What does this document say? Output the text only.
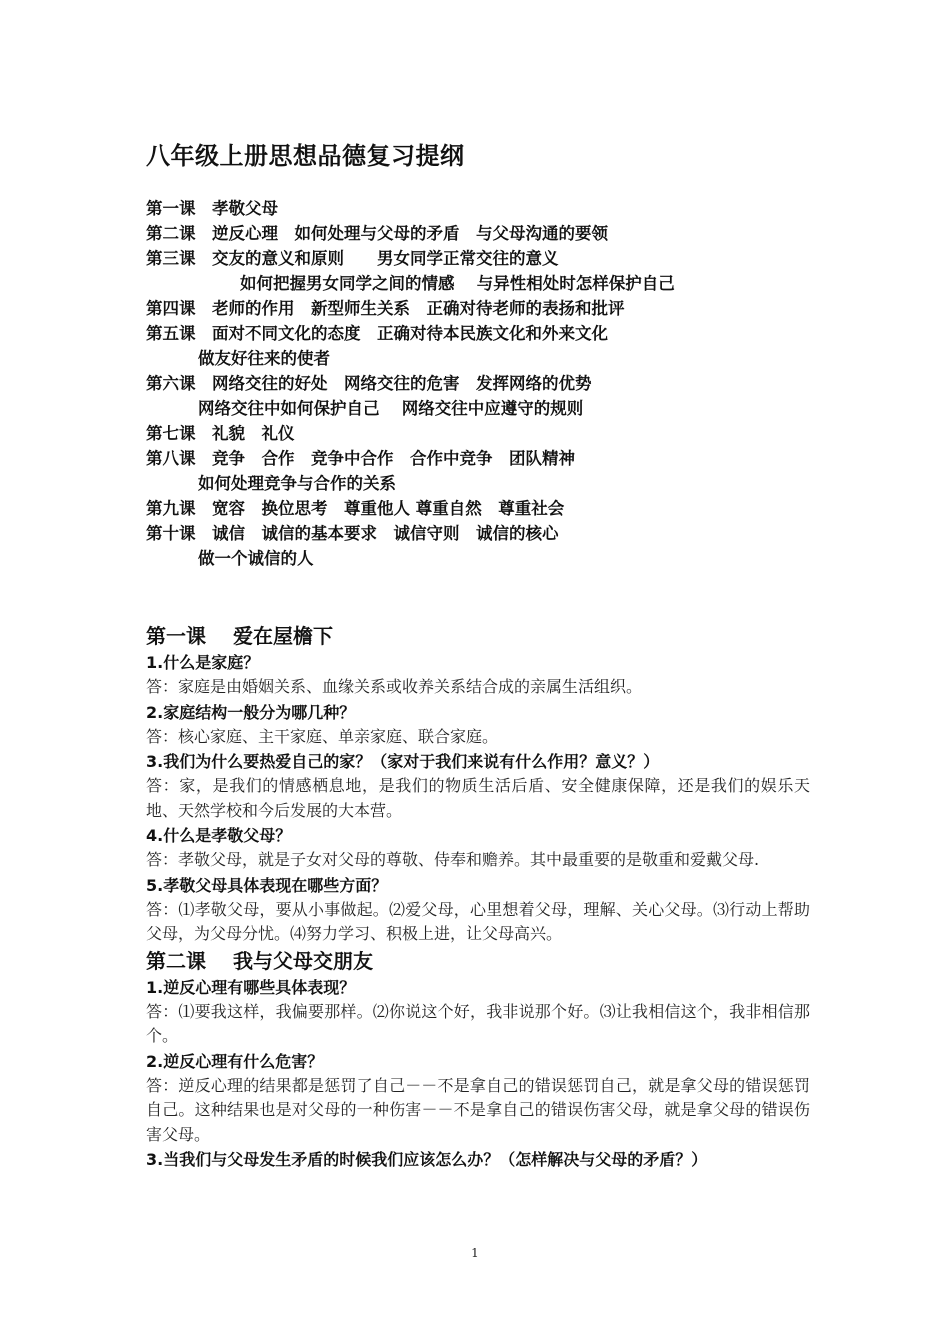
八年级上册思想品德复习提纲
第一课　孝敬父母
第二课　逆反心理　如何处理与父母的矛盾　与父母沟通的要领
第三课　交友的意义和原则　　男女同学正常交往的意义
如何把握男女同学之间的情感　 与异性相处时怎样保护自己
第四课　老师的作用　新型师生关系　正确对待老师的表扬和批评
第五课　面对不同文化的态度　正确对待本民族文化和外来文化
做友好往来的使者
第六课　网络交往的好处　网络交往的危害　发挥网络的优势
网络交往中如何保护自己　 网络交往中应遵守的规则
第七课　礼貌　礼仪
第八课　竞争　合作　竞争中合作　合作中竞争　团队精神
如何处理竞争与合作的关系
第九课　宽容　换位思考　尊重他人 尊重自然　尊重社会
第十课　诚信　诚信的基本要求　诚信守则　诚信的核心
做一个诚信的人
第一课　 爱在屋檐下
1.什么是家庭？
答：家庭是由婚姻关系、血缘关系或收养关系结合成的亲属生活组织。
2.家庭结构一般分为哪几种？
答：核心家庭、主干家庭、单亲家庭、联合家庭。
3.我们为什么要热爱自己的家？（家对于我们来说有什么作用？意义？）
答：家，是我们的情感栖息地，是我们的物质生活后盾、安全健康保障，还是我们的娱乐天地、天然学校和今后发展的大本营。
4.什么是孝敬父母？
答：孝敬父母，就是子女对父母的尊敬、侍奉和赡养。其中最重要的是敬重和爱戴父母.
5.孝敬父母具体表现在哪些方面？
答：⑴孝敬父母，要从小事做起。⑵爱父母，心里想着父母，理解、关心父母。⑶行动上帮助父母，为父母分忧。⑷努力学习、积极上进，让父母高兴。
第二课　 我与父母交朋友
1.逆反心理有哪些具体表现？
答：⑴要我这样，我偏要那样。⑵你说这个好，我非说那个好。⑶让我相信这个，我非相信那个。
2.逆反心理有什么危害？
答：逆反心理的结果都是惩罚了自己－－不是拿自己的错误惩罚自己，就是拿父母的错误惩罚自己。这种结果也是对父母的一种伤害－－不是拿自己的错误伤害父母，就是拿父母的错误伤害父母。
3.当我们与父母发生矛盾的时候我们应该怎么办？（怎样解决与父母的矛盾？）
1
